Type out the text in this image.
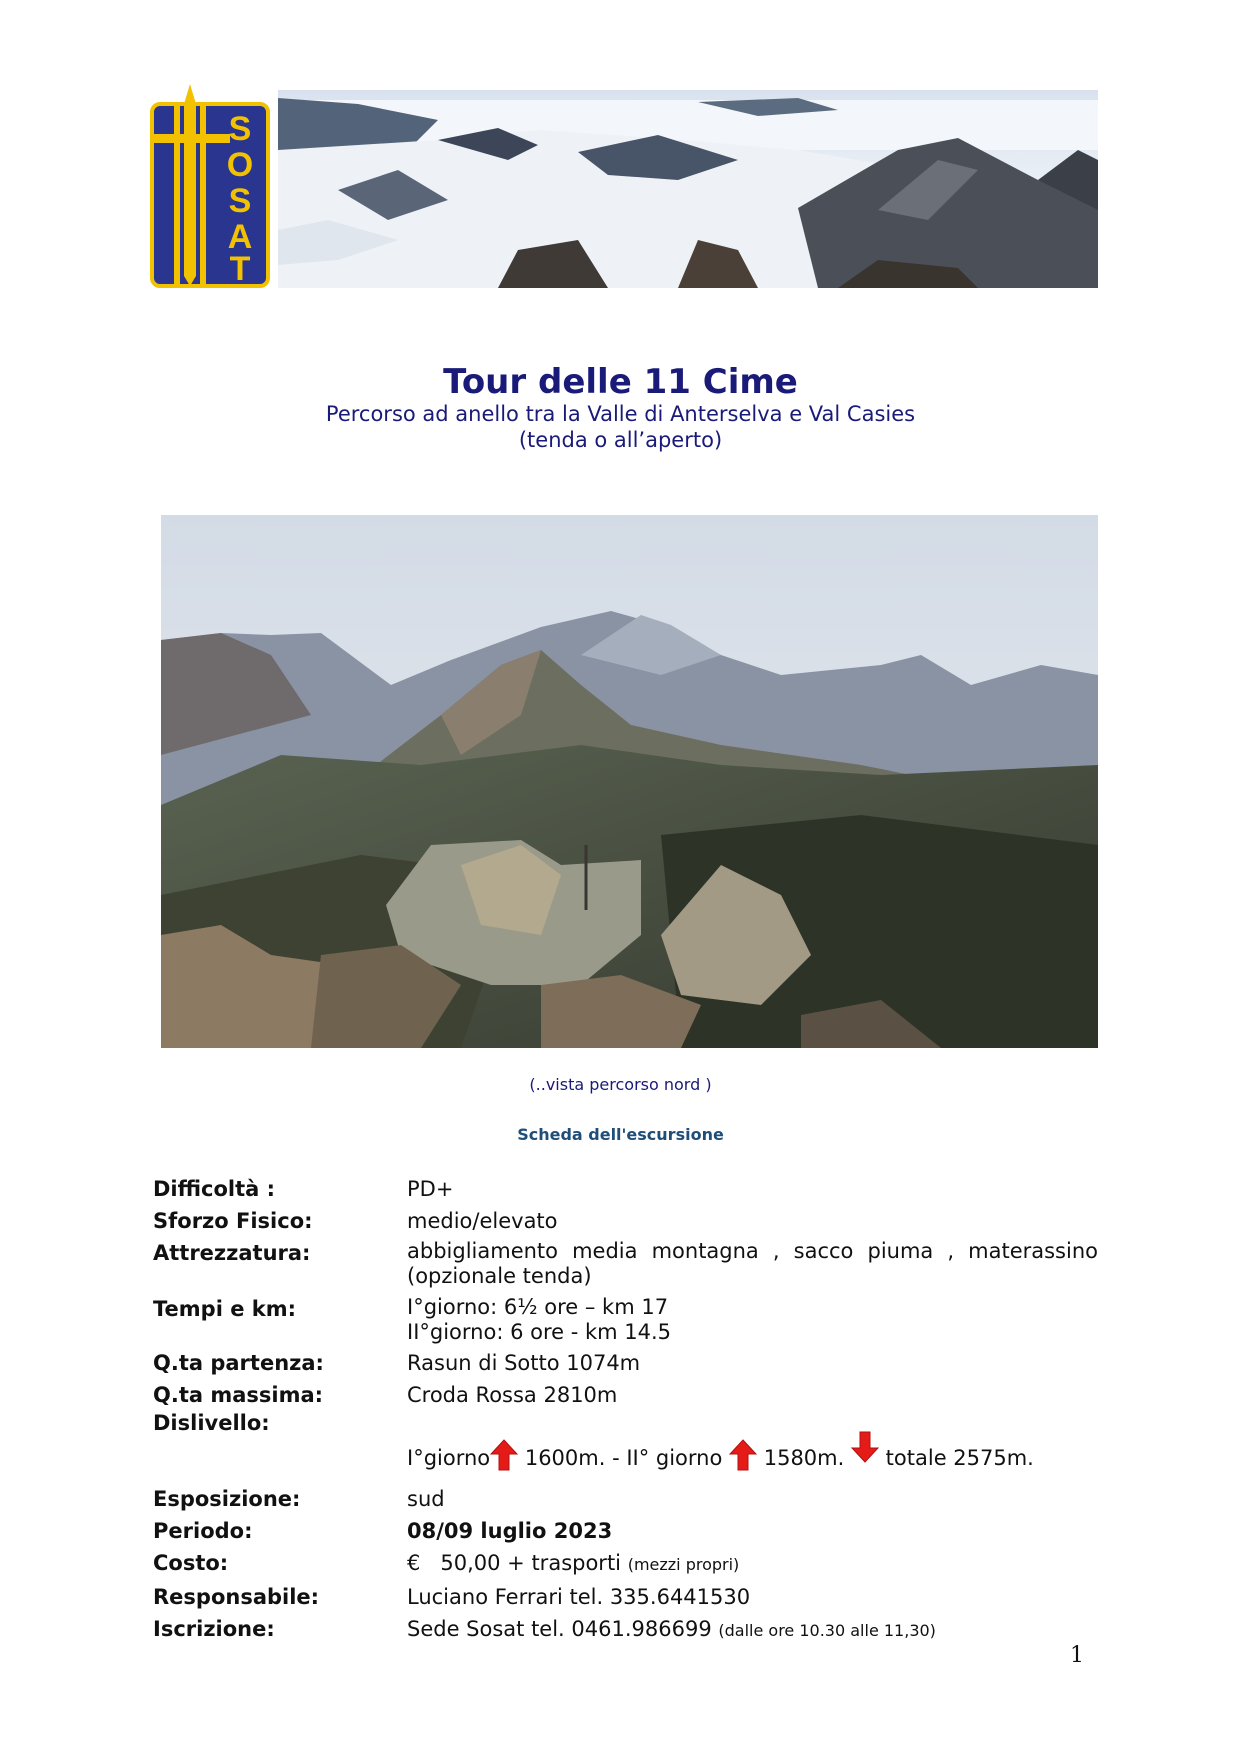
S
O
S
A
T
Tour delle 11 Cime
Percorso ad anello tra la Valle di Anterselva e Val Casies
(tenda o all’aperto)
(..vista percorso nord )
Scheda dell'escursione
Difficoltà :	PD+
Sforzo Fisico:	medio/elevato
Attrezzatura:	abbigliamento media montagna , sacco piuma , materassino (opzionale tenda)
Tempi e km:	I°giorno: 6½ ore – km 17
II°giorno: 6 ore - km 14.5
Q.ta partenza:	Rasun di Sotto 1074m
Q.ta massima:	Croda Rossa 2810m
Dislivello:
I°giorno 1600m. - II° giorno 1580m. totale 2575m.
Esposizione:	sud
Periodo:	08/09 luglio 2023
Costo:	€   50,00 + trasporti (mezzi propri)
Responsabile:	Luciano Ferrari tel. 335.6441530
Iscrizione:	Sede Sosat tel. 0461.986699 (dalle ore 10.30 alle 11,30)
1
